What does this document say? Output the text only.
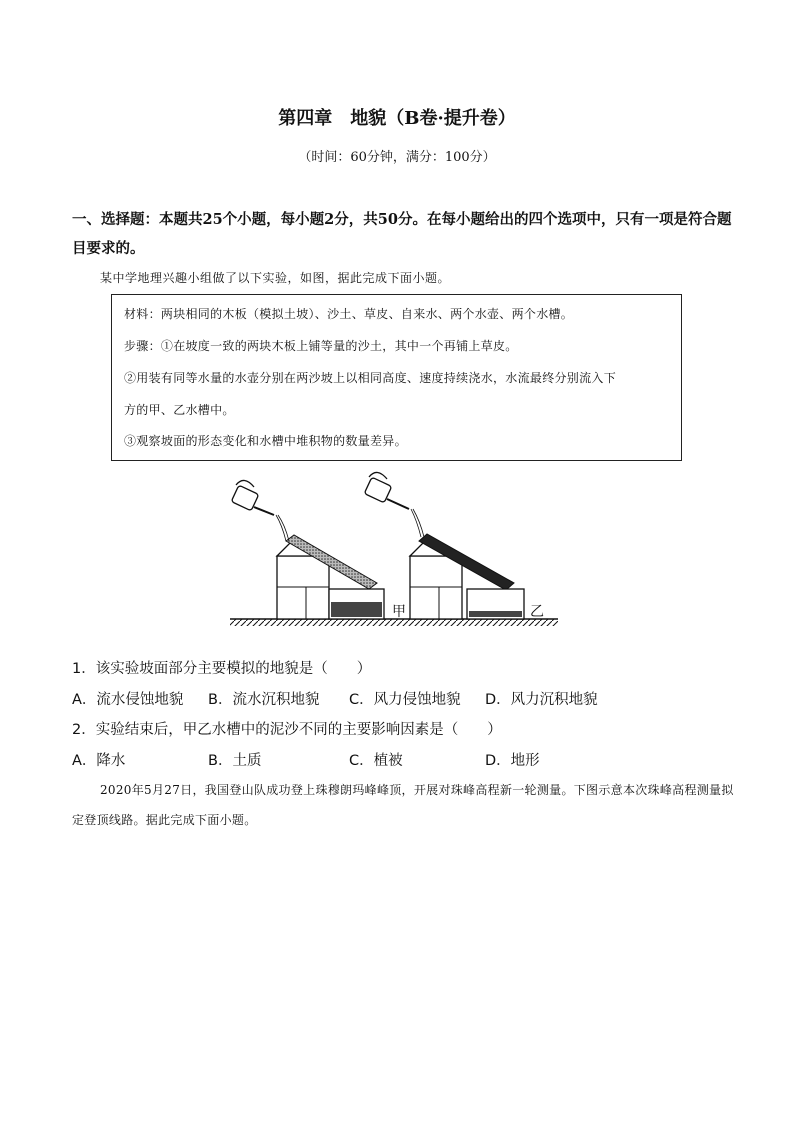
第四章　地貌（B卷·提升卷）
（时间：60分钟，满分：100分）
一、选择题：本题共25个小题，每小题2分，共50分。在每小题给出的四个选项中，只有一项是符合题目要求的。
某中学地理兴趣小组做了以下实验，如图，据此完成下面小题。
材料：两块相同的木板（模拟土坡）、沙土、草皮、自来水、两个水壶、两个水槽。
步骤：①在坡度一致的两块木板上铺等量的沙土，其中一个再铺上草皮。
②用装有同等水量的水壶分别在两沙坡上以相同高度、速度持续浇水，水流最终分别流入下
方的甲、乙水槽中。
③观察坡面的形态变化和水槽中堆积物的数量差异。
甲	乙
1．该实验坡面部分主要模拟的地貌是（　　）
A．流水侵蚀地貌 B．流水沉积地貌 C．风力侵蚀地貌 D．风力沉积地貌
2．实验结束后，甲乙水槽中的泥沙不同的主要影响因素是（　　）
A．降水	B．土质	C．植被	D．地形
2020年5月27日，我国登山队成功登上珠穆朗玛峰峰顶，开展对珠峰高程新一轮测量。下图示意本次珠峰高程测量拟定登顶线路。据此完成下面小题。
